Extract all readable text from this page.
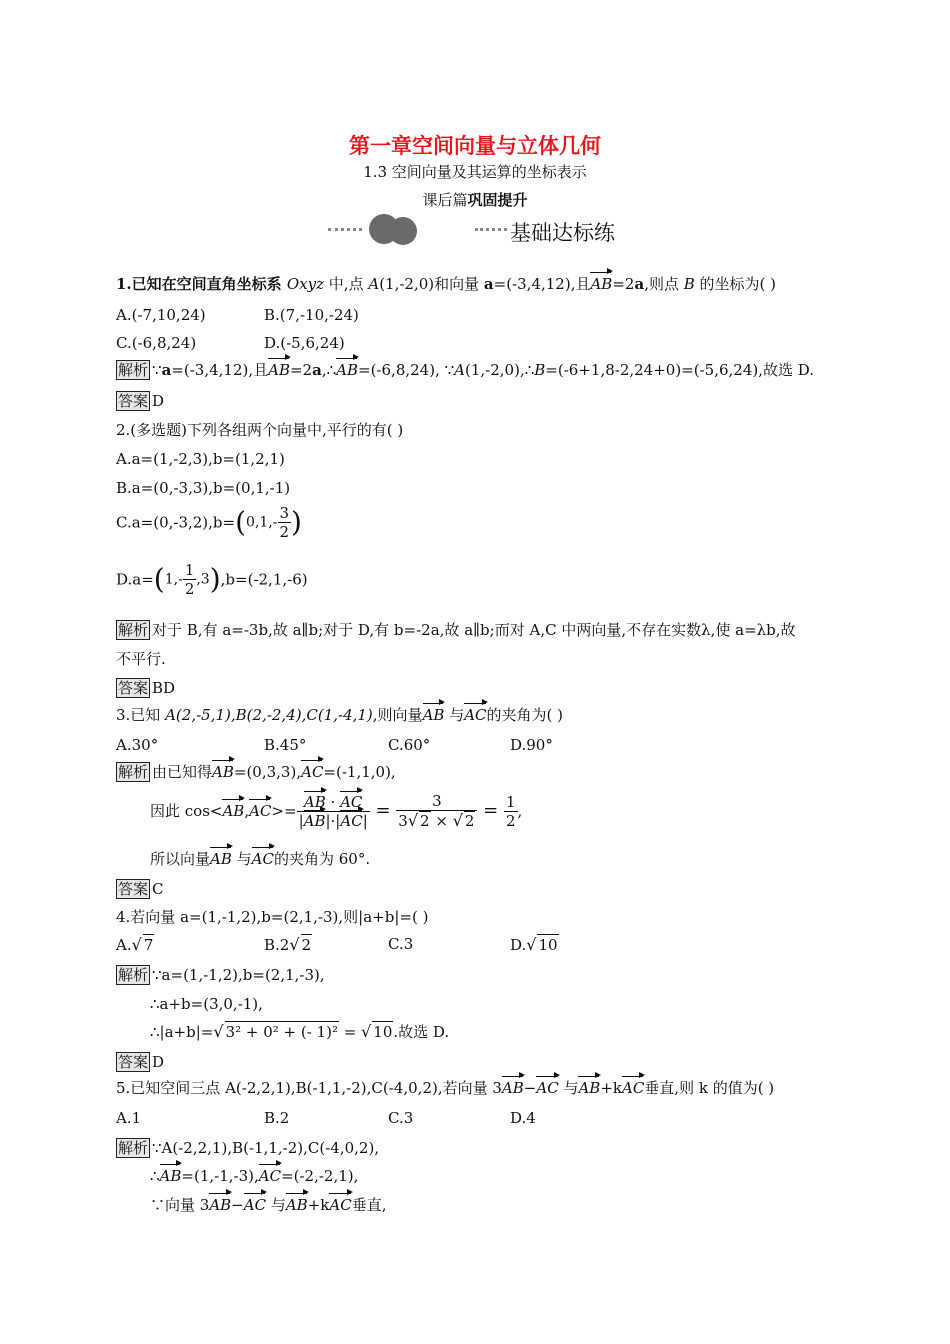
第一章空间向量与立体几何
1.3 空间向量及其运算的坐标表示
课后篇巩固提升
基础达标练
1.已知在空间直角坐标系 Oxyz 中,点 A(1,-2,0)和向量 a=(-3,4,12),且AB=2a,则点 B 的坐标为( )
A.(-7,10,24)	B.(7,-10,-24)
C.(-6,8,24)	D.(-5,6,24)
解析 ∵a=(-3,4,12),且AB=2a,∴AB=(-6,8,24), ∵A(1,-2,0),∴B=(-6+1,8-2,24+0)=(-5,6,24),故选 D.
答案 D
2.(多选题)下列各组两个向量中,平行的有( )
A.a=(1,-2,3),b=(1,2,1)
B.a=(0,-3,3),b=(0,1,-1)
$C.a=(0,-3,2),b=(0,1,- \frac{3}{2}$ )
$D.a=(1,- \frac{1}{2} ,3),b=(-2,1,-6)$
解析 对于 B,有 a=-3b,故 a∥b;对于 D,有 b=-2a,故 a∥b;而对 A,C 中两向量,不存在实数λ,使 a=λb,故
不平行.
答案 BD
3.已知 A(2,-5,1),B(2,-2,4),C(1,-4,1),则向量AB 与AC的夹角为( )
A.30°	B.45°	C.60°	D.90°
解析 由已知得AB=(0,3,3),AC=(-1,1,0),
因此 $\cos<AB,AC>= \frac{AB \cdot AC}{|AB|\cdot|AC|} = \frac{3}{3√ 2 \times √ 2} = \frac{1}{2}$ ,
所以向量AB 与AC的夹角为 60°.
答案 C
4.若向量 a=(1,-1,2),b=(2,1,-3),则|a+b|=( )
A.√ 7	B.2√ 2	C.3	D.√ 10
解析 ∵a=(1,-1,2),b=(2,1,-3),
∴a+b=(3,0,-1),
∴|a+b|=√ 3² + 0² + (- 1)² = √ 10.故选 D.
答案 D
5.已知空间三点 A(-2,2,1),B(-1,1,-2),C(-4,0,2),若向量 3AB−AC 与AB+kAC垂直,则 k 的值为( )
A.1	B.2	C.3	D.4
解析 ∵A(-2,2,1),B(-1,1,-2),C(-4,0,2),
∴AB=(1,-1,-3),AC=(-2,-2,1),
∵向量 3AB−AC 与AB+kAC垂直,
